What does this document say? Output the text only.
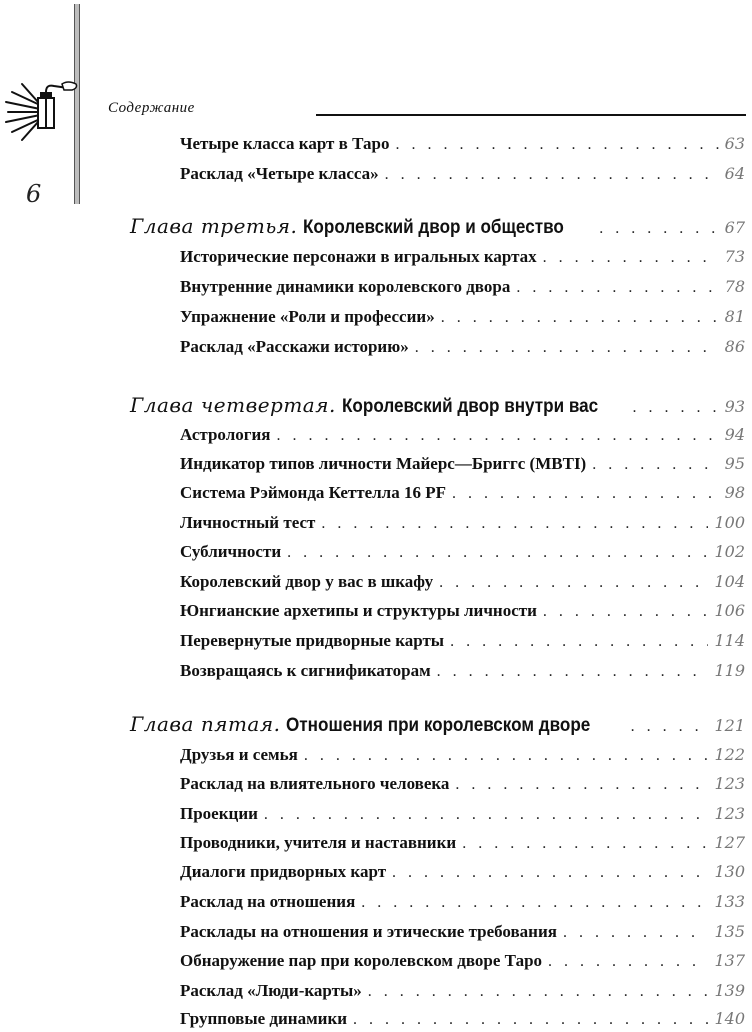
6
Содержание
Четыре класса карт в Таро . . .	63
Расклад «Четыре класса» . . .	64
Глава третья. Королевский двор и общество . . .	67
Исторические персонажи в игральных картах . . .	73
Внутренние динамики королевского двора . . .	78
Упражнение «Роли и профессии» . . .	81
Расклад «Расскажи историю» . . .	86
Глава четвертая. Королевский двор внутри вас . . .	93
Астрология . . .	94
Индикатор типов личности Майерс—Бриггс (MBTI) . . .	95
Система Рэймонда Кеттелла 16 PF . . .	98
Личностный тест . . .	100
Субличности . . .	102
Королевский двор у вас в шкафу . . .	104
Юнгианские архетипы и структуры личности . . .	106
Перевернутые придворные карты . . .	114
Возвращаясь к сигнификаторам . . .	119
Глава пятая. Отношения при королевском дворе . . .	121
Друзья и семья . . .	122
Расклад на влиятельного человека . . .	123
Проекции . . .	123
Проводники, учителя и наставники . . .	127
Диалоги придворных карт . . .	130
Расклад на отношения . . .	133
Расклады на отношения и этические требования . . .	135
Обнаружение пар при королевском дворе Таро . . .	137
Расклад «Люди-карты» . . .	139
Групповые динамики . . .	140
